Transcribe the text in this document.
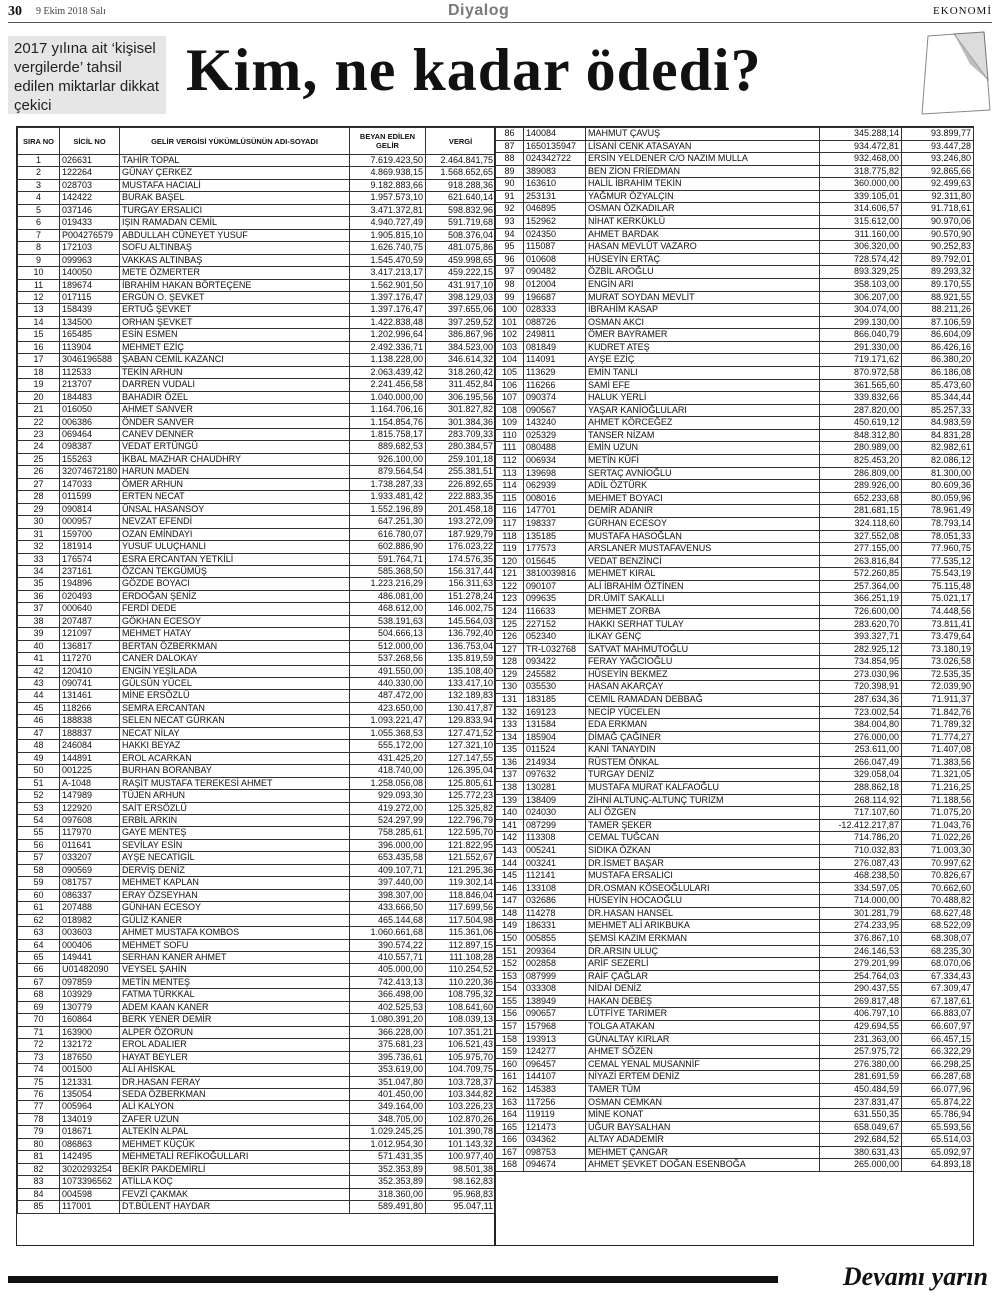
30 9 Ekim 2018 Salı	Diyalog	EKONOMİ
2017 yılına ait ‘kişisel vergilerde’ tahsil edilen miktarlar dikkat çekici
Kim, ne kadar ödedi?
SIRA NO	SİCİL NO	GELİR VERGİSİ YÜKÜMLÜSÜNÜN ADI-SOYADI	BEYAN EDİLEN GELİR	VERGİ
1	026631	TAHİR TOPAL	7.619.423,50	2.464.841,75
2	122264	GÜNAY ÇERKEZ	4.869.938,15	1.568.652,65
3	028703	MUSTAFA HACIALİ	9.182.883,66	918.288,36
4	142422	BURAK BAŞEL	1.957.573,10	621.640,14
5	037146	TURGAY ERSALICI	3.471.372,81	598.832,96
6	019433	IŞIN RAMADAN CEMİL	4.940.727,49	591.719,68
7	P004276579	ABDULLAH CÜNEYET YUSUF	1.905.815,10	508.376,04
8	172103	SOFU ALTINBAŞ	1.626.740,75	481.075,86
9	099963	VAKKAS ALTINBAŞ	1.545.470,59	459.998,65
10	140050	METE ÖZMERTER	3.417.213,17	459.222,15
11	189674	İBRAHİM HAKAN BÖRTEÇENE	1.562.901,50	431.917,10
12	017115	ERGÜN O. ŞEVKET	1.397.176,47	398.129,03
13	158439	ERTUĞ ŞEVKET	1.397.176,47	397.655,06
14	134500	ORHAN ŞEVKET	1.422.838,48	397.259,52
15	165485	ESİN ESMEN	1.202.996,64	386.867,96
16	113904	MEHMET EZİÇ	2.492.336,71	384.523,00
17	3046196588	ŞABAN CEMİL KAZANCI	1.138.228,00	346.614,32
18	112533	TEKİN ARHUN	2.063.439,42	318.260,42
19	213707	DARREN VUDALI	2.241.456,58	311.452,84
20	184483	BAHADIR ÖZEL	1.040.000,00	306.195,56
21	016050	AHMET SANVER	1.164.706,16	301.827,82
22	006386	ÖNDER SANVER	1.154.854,76	301.384,36
23	069464	CANEV DENNER	1.815.758,17	283.709,33
24	098387	VEDAT ERTÜNGÜ	889.682,53	280.384,57
25	155263	İKBAL MAZHAR CHAUDHRY	926.100,00	259.101,18
26	32074672180	HARUN MADEN	879.564,54	255.381,51
27	147033	ÖMER ARHUN	1.738.287,33	226.892,65
28	011599	ERTEN NECAT	1.933.481,42	222.883,35
29	090814	ÜNSAL HASANSOY	1.552.196,89	201.458,18
30	000957	NEVZAT EFENDİ	647.251,30	193.272,09
31	159700	OZAN EMİNDAYI	616.780,07	187.929,79
32	181914	YUSUF ULUÇHANLI	602.886,90	176.023,22
33	176574	ESRA ERCANTAN YETKİLİ	591.764,71	174.576,35
34	237161	ÖZCAN TEKGÜMÜŞ	585.368,50	156.317,44
35	194896	GÖZDE BOYACI	1.223.216,29	156.311,63
36	020493	ERDOĞAN ŞENİZ	486.081,00	151.278,24
37	000640	FERDİ DEDE	468.612,00	146.002,75
38	207487	GÖKHAN ECESOY	538.191,63	145.564,03
39	121097	MEHMET HATAY	504.666,13	136.792,40
40	136817	BERTAN ÖZBERKMAN	512.000,00	136.753,04
41	117270	CANER DALOKAY	537.268,56	135.819,59
42	120410	ENGİN YEŞİLADA	491.550,00	135.108,40
43	090741	GÜLSÜN YÜCEL	440.330,00	133.417,10
44	131461	MİNE ERSÖZLÜ	487.472,00	132.189,83
45	118266	SEMRA ERCANTAN	423.650,00	130.417,87
46	188838	SELEN NECAT GÜRKAN	1.093.221,47	129.833,94
47	188837	NECAT NİLAY	1.055.368,53	127.471,52
48	246084	HAKKI BEYAZ	555.172,00	127.321,10
49	144891	EROL ACARKAN	431.425,20	127.147,55
50	001225	BURHAN BORANBAY	418.740,00	126.395,04
51	A-1048	RAŞİT MUSTAFA TEREKESİ AHMET	1.258.056,08	125.805,61
52	147989	TÜJEN ARHUN	929.093,30	125.772,23
53	122920	SAİT ERSÖZLÜ	419.272,00	125.325,82
54	097608	ERBİL ARKIN	524.297,99	122.796,79
55	117970	GAYE MENTEŞ	758.285,61	122.595,70
56	011641	SEVİLAY ESİN	396.000,00	121.822,95
57	033207	AYŞE NECATİGİL	653.435,58	121.552,67
58	090569	DERVİŞ DENİZ	409.107,71	121.295,36
59	081757	MEHMET KAPLAN	397.440,00	119.302,14
60	086337	ERAY ÖZSEYHAN	398.307,00	118.846,04
61	207488	GÜNHAN ECESOY	433.666,50	117.699,56
62	018982	GÜLİZ KANER	465.144,68	117.504,98
63	003603	AHMET MUSTAFA KOMBOS	1.060.661,68	115.361,06
64	000406	MEHMET SOFU	390.574,22	112.897,15
65	149441	SERHAN KANER AHMET	410.557,71	111.108,28
66	U01482090	VEYSEL ŞAHİN	405.000,00	110.254,52
67	097859	METİN MENTEŞ	742.413,13	110.220,36
68	103929	FATMA TÜRKKAL	366.498,00	108.795,32
69	130779	ADEM KAAN KANER	402.525,53	108.641,60
70	160864	BERK YENER DEMİR	1.080.391,20	108.039,13
71	163900	ALPER ÖZORUN	366.228,00	107.351,21
72	132172	EROL ADALIER	375.681,23	106.521,43
73	187650	HAYAT BEYLER	395.736,61	105.975,70
74	001500	ALİ AHİSKAL	353.619,00	104.709,75
75	121331	DR.HASAN FERAY	351.047,80	103.728,37
76	135054	SEDA ÖZBERKMAN	401.450,00	103.344,82
77	005964	ALİ KALYON	349.164,00	103.226,23
78	134019	ZAFER UZUN	348.705,00	102.870,26
79	018671	ALTEKİN ALPAL	1.029.245,25	101.390,78
80	086863	MEHMET KÜÇÜK	1.012.954,30	101.143,32
81	142495	MEHMETALİ REFİKOĞULLARI	571.431,35	100.977,40
82	3020293254	BEKİR PAKDEMİRLİ	352.353,89	98.501,38
83	1073396562	ATİLLA KOÇ	352.353,89	98.162,83
84	004598	FEVZİ ÇAKMAK	318.360,00	95.968,83
85	117001	DT.BÜLENT HAYDAR	589.491,80	95.047,11
86	140084	MAHMUT ÇAVUŞ	345.288,14	93.899,77
87	1650135947	LİSANİ CENK ATASAYAN	934.472,81	93.447,28
88	024342722	ERSİN YELDENER C/O NAZIM MULLA	932.468,00	93.246,80
89	389083	BEN ZİON FRİEDMAN	318.775,82	92.865,66
90	163610	HALİL İBRAHİM TEKİN	360.000,00	92.499,63
91	253131	YAĞMUR ÖZYALÇIN	339.105,01	92.311,80
92	046895	OSMAN ÖZKADILAR	314.606,57	91.718,61
93	152962	NİHAT KERKÜKLÜ	315.612,00	90.970,06
94	024350	AHMET BARDAK	311.160,00	90.570,90
95	115087	HASAN MEVLÜT VAZARO	306.320,00	90.252,83
96	010608	HÜSEYİN ERTAÇ	728.574,42	89.792,01
97	090482	ÖZBİL AROĞLU	893.329,25	89.293,32
98	012004	ENGİN ARI	358.103,00	89.170,55
99	196687	MURAT SOYDAN MEVLİT	306.207,00	88.921,55
100	028333	İBRAHİM KASAP	304.074,00	88.211,26
101	088726	OSMAN AKCI	299.130,00	87.106,59
102	249811	ÖMER BAYRAMER	866.040,79	86.604,09
103	081849	KUDRET ATEŞ	291.330,00	86.426,16
104	114091	AYŞE EZİÇ	719.171,62	86.380,20
105	113629	EMİN TANLI	870.972,58	86.186,08
106	116266	SAMİ EFE	361.565,60	85.473,60
107	090374	HALUK YERLİ	339.832,66	85.344,44
108	090567	YAŞAR KANİOĞLULARI	287.820,00	85.257,33
109	143240	AHMET KÖRCEĞEZ	450.619,12	84.983,59
110	025329	TANSER NİZAM	848.312,80	84.831,28
111	080488	EMİN UZUN	280.989,00	82.982,61
112	006934	METİN KÜFİ	825.453,20	82.086,12
113	139698	SERTAÇ AVNİOĞLU	286.809,00	81.300,00
114	062939	ADİL ÖZTÜRK	289.926,00	80.609,36
115	008016	MEHMET BOYACI	652.233,68	80.059,96
116	147701	DEMİR ADANIR	281.681,15	78.961,49
117	198337	GÜRHAN ECESOY	324.118,60	78.793,14
118	135185	MUSTAFA HASOĞLAN	327.552,08	78.051,33
119	177573	ARSLANER MUSTAFAVENUS	277.155,00	77.960,75
120	015645	VEDAT BENZİNCİ	263.816,84	77.535,12
121	3810039816	MEHMET KIRAL	572.260,85	75.543,19
122	090107	ALİ İBRAHİM ÖZTİNEN	257.364,00	75.115,48
123	099635	DR.ÜMİT SAKALLI	366.251,19	75.021,17
124	116633	MEHMET ZORBA	726.600,00	74.448,56
125	227152	HAKKI SERHAT TULAY	283.620,70	73.811,41
126	052340	İLKAY GENÇ	393.327,71	73.479,64
127	TR-L032768	SATVAT MAHMUTOĞLU	282.925,12	73.180,19
128	093422	FERAY YAĞCIOĞLU	734.854,95	73.026,58
129	245582	HÜSEYİN BEKMEZ	273.030,96	72.535,35
130	035530	HASAN AKARÇAY	720.398,91	72.039,90
131	183185	CEMİL RAMADAN DEBBAĞ	287.634,36	71.911,37
132	169123	NECİP YÜCELEN	723.002,54	71.842,76
133	131584	EDA ERKMAN	384.004,80	71.789,32
134	185904	DİMAĞ ÇAĞINER	276.000,00	71.774,27
135	011524	KANİ TANAYDIN	253.611,00	71.407,08
136	214934	RÜSTEM ÖNKAL	266.047,49	71.383,56
137	097632	TURGAY DENİZ	329.058,04	71.321,05
138	130281	MUSTAFA MURAT KALFAOĞLU	288.862,18	71.216,25
139	138409	ZİHNİ ALTUNÇ-ALTUNÇ TURİZM	268.114,92	71.188,56
140	024030	ALİ ÖZGEN	717.107,60	71.075,20
141	087299	TAMER ŞEKER	-12.412.217,87	71.043,76
142	113308	CEMAL TUĞCAN	714.786,20	71.022,26
143	005241	SIDIKA ÖZKAN	710.032,83	71.003,30
144	003241	DR.İSMET BAŞAR	276.087,43	70.997,62
145	112141	MUSTAFA ERSALICI	468.238,50	70.826,67
146	133108	DR.OSMAN KÖSEOĞLULARI	334.597,05	70.662,60
147	032686	HÜSEYİN HOCAOĞLU	714.000,00	70.488,82
148	114278	DR.HASAN HANSEL	301.281,79	68.627,48
149	186331	MEHMET ALİ ARIKBUKA	274.233,95	68.522,09
150	005855	ŞEMSİ KAZIM ERKMAN	376.867,10	68.308,07
151	209364	DR.ARSIN ULUÇ	246.146,53	68.235,30
152	002858	ARİF SEZERLİ	279.201,99	68.070,06
153	087999	RAİF ÇAĞLAR	254.764,03	67.334,43
154	033308	NİDAİ DENİZ	290.437,55	67.309,47
155	138949	HAKAN DEBEŞ	269.817,48	67.187,61
156	090657	LÜTFİYE TARIMER	406.797,10	66.883,07
157	157968	TOLGA ATAKAN	429.694,55	66.607,97
158	193913	GÜNALTAY KIRLAR	231.363,00	66.457,15
159	124277	AHMET SÖZEN	257.975,72	66.322,29
160	096457	CEMAL YENAL MUSANNİF	276.380,00	66.298,25
161	144107	NİYAZİ ERTEM DENİZ	281.691,59	66.287,68
162	145383	TAMER TÜM	450.484,59	66.077,96
163	117256	OSMAN CEMKAN	237.831,47	65.874,22
164	119119	MİNE KONAT	631.550,35	65.786,94
165	121473	UĞUR BAYSALHAN	658.049,67	65.593,56
166	034362	ALTAY ADADEMİR	292.684,52	65.514,03
167	098753	MEHMET ÇANGAR	380.631,43	65.092,97
168	094674	AHMET ŞEVKET DOĞAN ESENBOĞA	265.000,00	64.893,18
Devamı yarın
